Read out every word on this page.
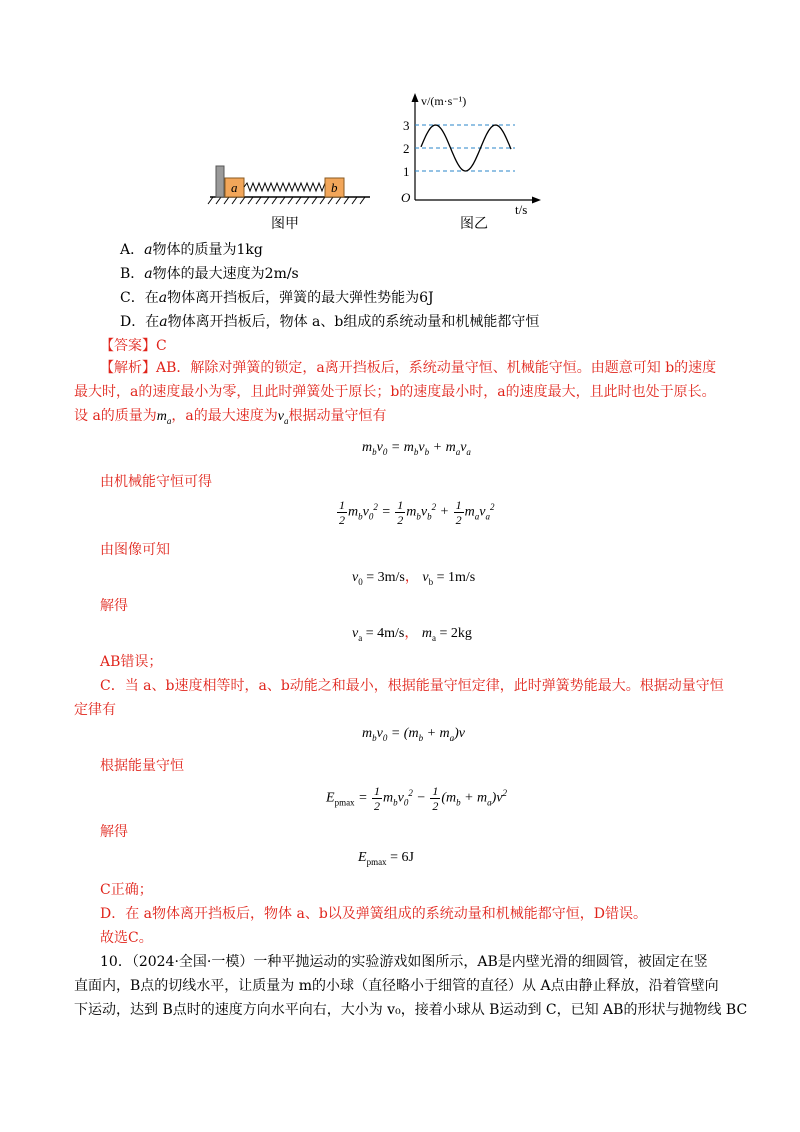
a	b
图甲
3
2
1
O
v/(m·s⁻¹)
t/s
图乙
A．a物体的质量为1kg
B．a物体的最大速度为2m/s
C．在a物体离开挡板后，弹簧的最大弹性势能为6J
D．在a物体离开挡板后，物体 a、b组成的系统动量和机械能都守恒
【答案】C
【解析】AB．解除对弹簧的锁定，a离开挡板后，系统动量守恒、机械能守恒。由题意可知 b的速度
最大时，a的速度最小为零，且此时弹簧处于原长；b的速度最小时，a的速度最大，且此时也处于原长。
设 a的质量为$m_a$，a的最大速度为$v_a$根据动量守恒有
$m_bv_0 = m_bv_b + m_av_a$
由机械能守恒可得
$\frac{1}{2} m_bv_0^2 = \frac{1}{2} m_bv_b^2 + \frac{1}{2} m_av_a^2$
由图像可知
$v_0 = 3m/s$， $v_b = 1m/s$
解得
$v_a = 4m/s$， $m_a = 2kg$
AB错误；
C．当 a、b速度相等时，a、b动能之和最小，根据能量守恒定律，此时弹簧势能最大。根据动量守恒
定律有
$m_bv_0 = (m_b + m_a)v$
根据能量守恒
$E_{pmax} = \frac{1}{2} m_bv_0^2 - \frac{1}{2} (m_b + m_a)v^2$
解得
$E_{pmax} = 6J$
C正确；
D．在 a物体离开挡板后，物体 a、b以及弹簧组成的系统动量和机械能都守恒，D错误。
故选C。
10．（2024·全国·一模）一种平抛运动的实验游戏如图所示，AB是内壁光滑的细圆管，被固定在竖
直面内，B点的切线水平，让质量为 m的小球（直径略小于细管的直径）从 A点由静止释放，沿着管壁向
下运动，达到 B点时的速度方向水平向右，大小为 v₀，接着小球从 B运动到 C，已知 AB的形状与抛物线 BC
